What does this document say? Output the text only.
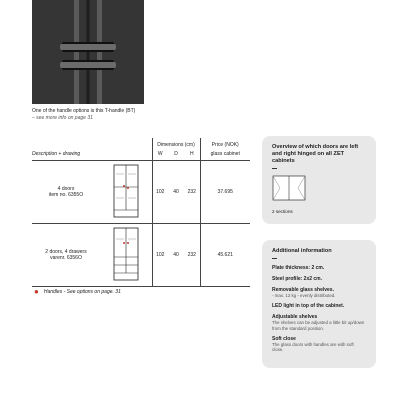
One of the handle options is this T-handle (BT)
– see more info on page 31
		Dimensions (cm)			Price (NOK)
Description + drawing		W	D	H	glass cabinet

4 doors
item no. 6355O		102	40	232	37.695

2 doors, 4 drawers
varenr. 6356O		102	40	232	45.621
● Handles - See options on page. 31
Overview of which doors are left and right hinged on all ZET cabinets
2 sections
Additional information
Plate thickness: 2 cm.
Steel profile: 2x2 cm.
Removable glass shelves.
- max. 12 kg - evenly distributed.
LED light in top of the cabinet.
Adjustable shelves
The shelves can be adjusted a little bit up/down from the standard position.
Soft close
The glass doors with handles are with soft close.
